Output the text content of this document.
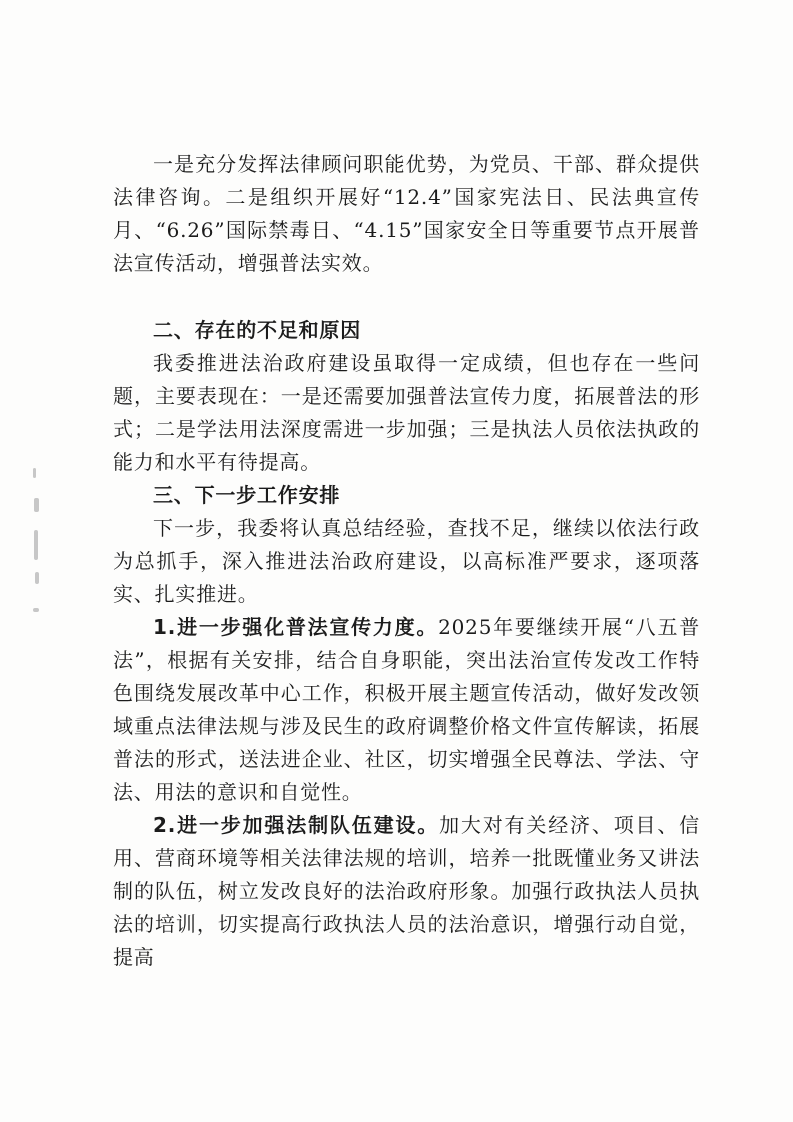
一是充分发挥法律顾问职能优势，为党员、干部、群众提供法律咨询。二是组织开展好“12.4”国家宪法日、民法典宣传月、“6.26”国际禁毒日、“4.15”国家安全日等重要节点开展普法宣传活动，增强普法实效。

二、存在的不足和原因

我委推进法治政府建设虽取得一定成绩，但也存在一些问题，主要表现在：一是还需要加强普法宣传力度，拓展普法的形式；二是学法用法深度需进一步加强；三是执法人员依法执政的能力和水平有待提高。

三、下一步工作安排

下一步，我委将认真总结经验，查找不足，继续以依法行政为总抓手，深入推进法治政府建设，以高标准严要求，逐项落实、扎实推进。

1.进一步强化普法宣传力度。2025年要继续开展“八五普法”，根据有关安排，结合自身职能，突出法治宣传发改工作特色围绕发展改革中心工作，积极开展主题宣传活动，做好发改领域重点法律法规与涉及民生的政府调整价格文件宣传解读，拓展普法的形式，送法进企业、社区，切实增强全民尊法、学法、守法、用法的意识和自觉性。

2.进一步加强法制队伍建设。加大对有关经济、项目、信用、营商环境等相关法律法规的培训，培养一批既懂业务又讲法制的队伍，树立发改良好的法治政府形象。加强行政执法人员执法的培训，切实提高行政执法人员的法治意识，增强行动自觉，提高
